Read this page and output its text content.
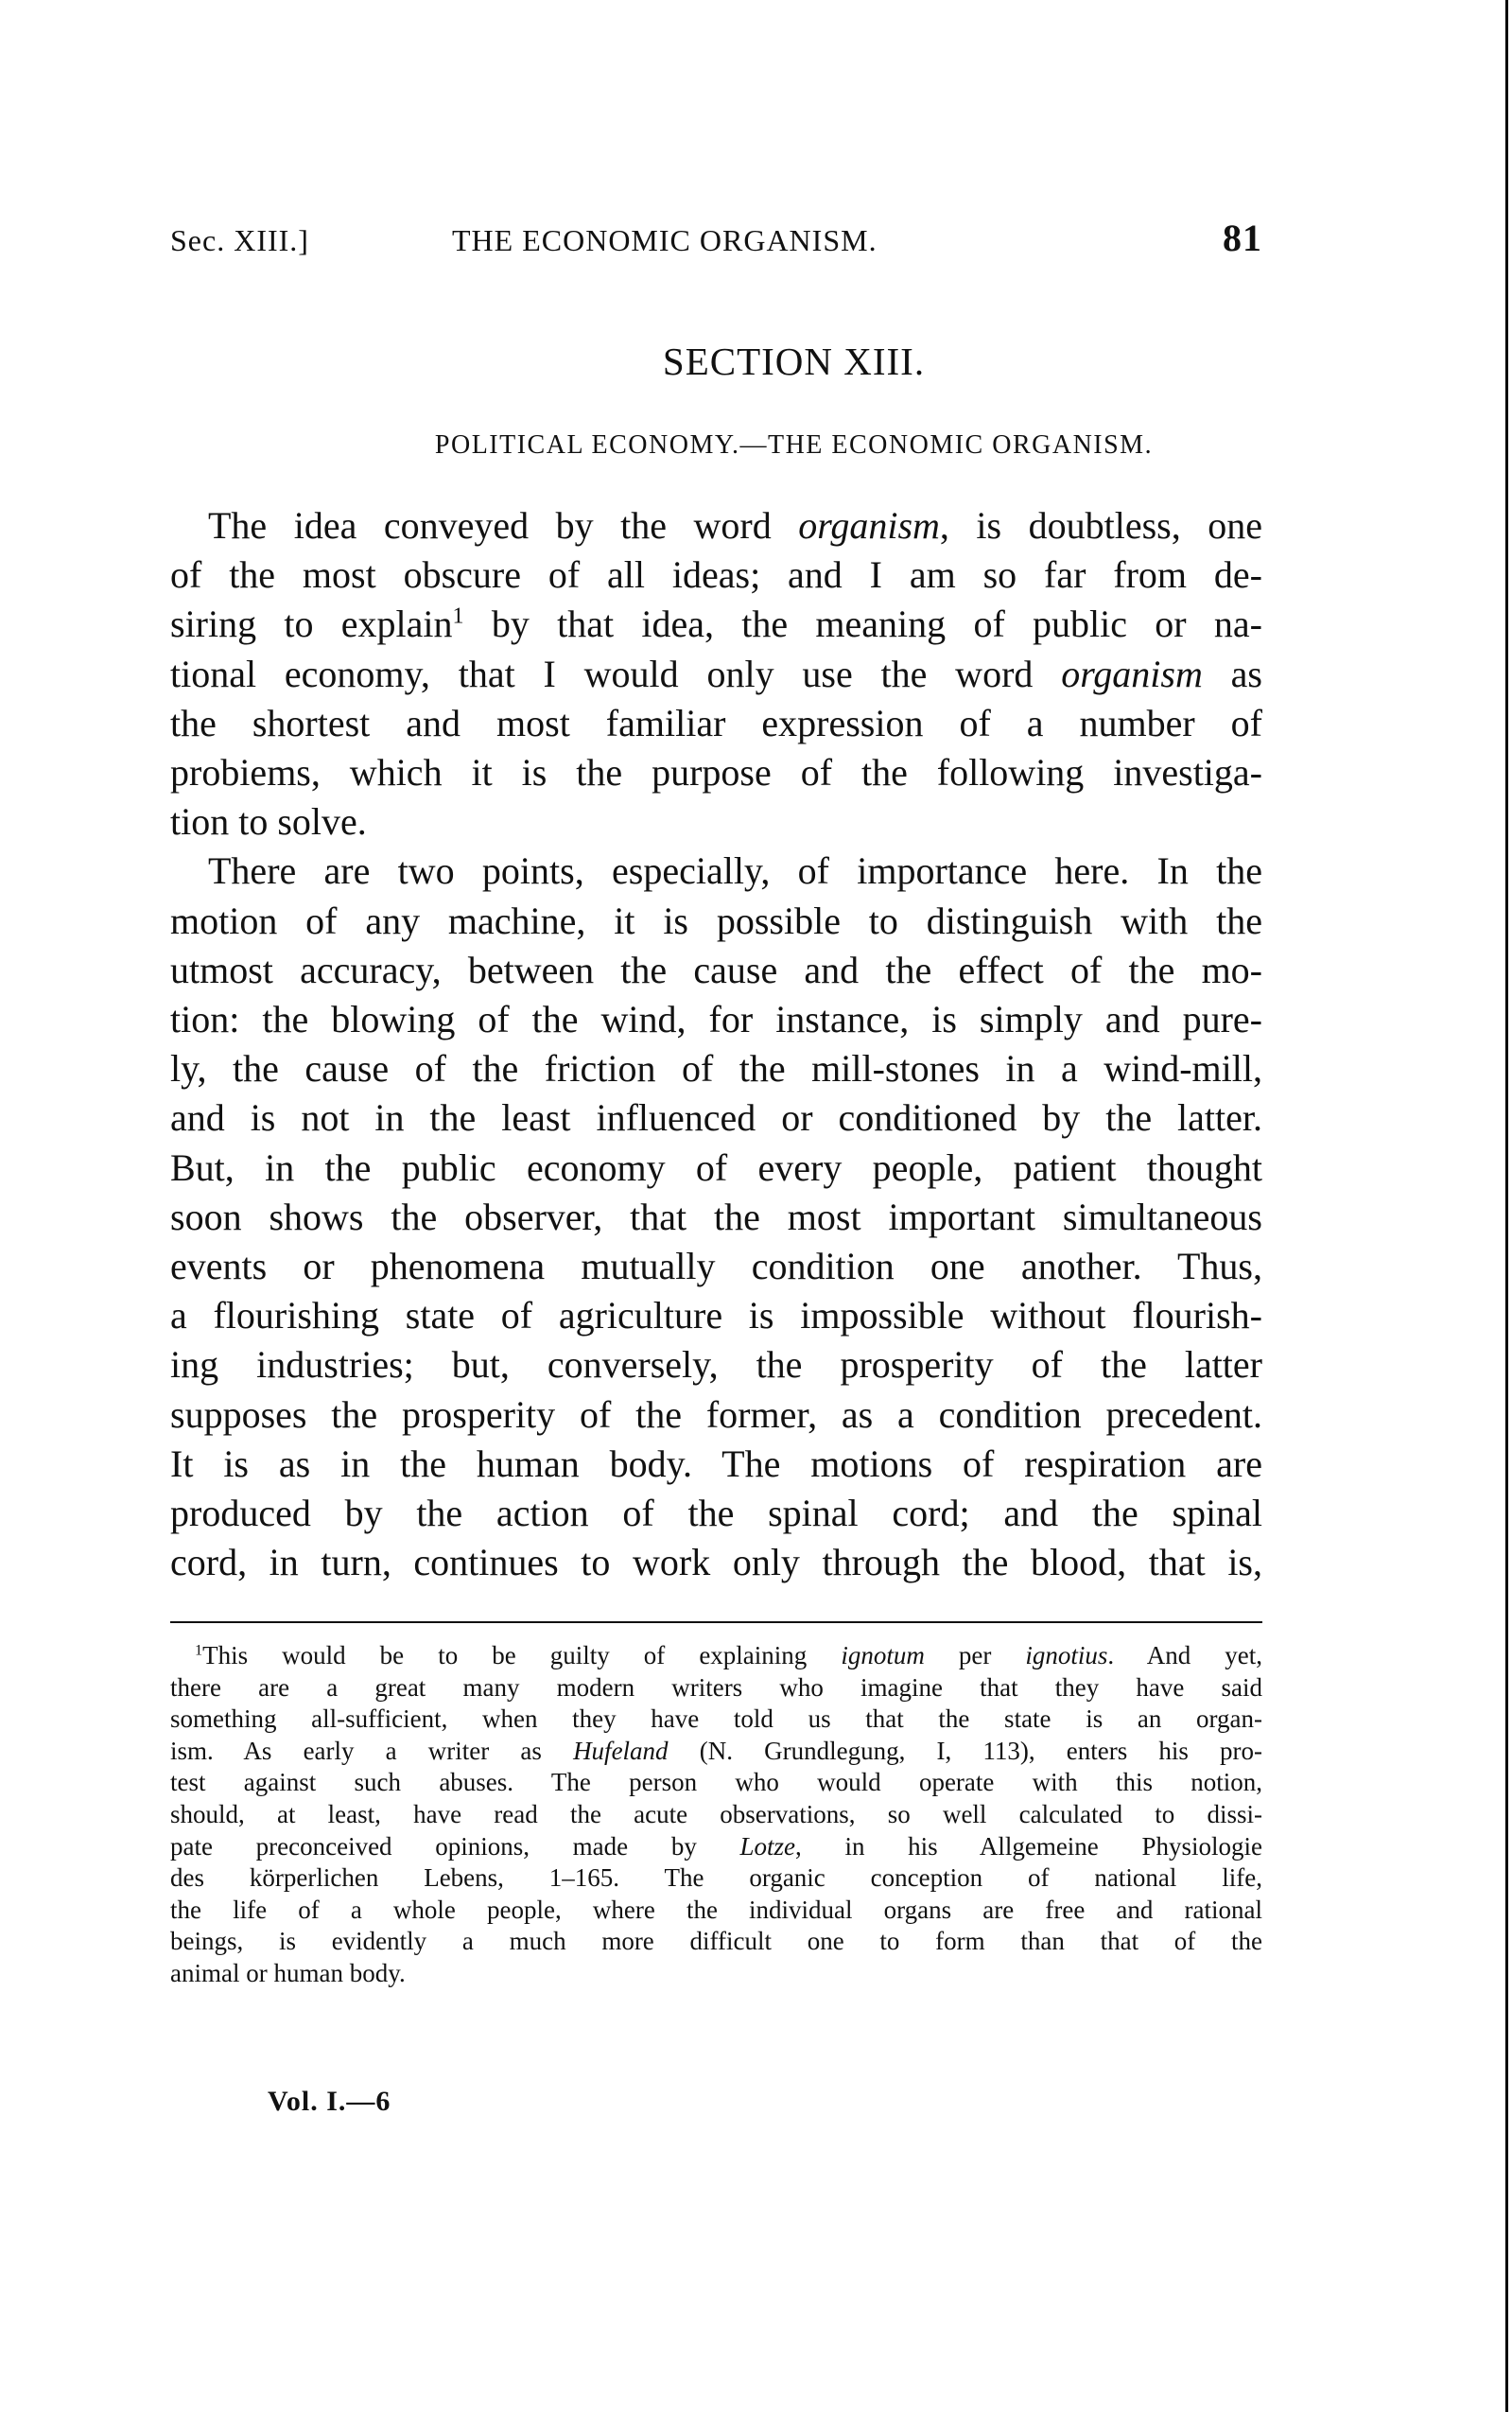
Sec. XIII.]	THE ECONOMIC ORGANISM.	81
SECTION XIII.
POLITICAL ECONOMY.—THE ECONOMIC ORGANISM.
The idea conveyed by the word organism, is doubtless, one
of the most obscure of all ideas; and I am so far from de-
siring to explain$^1$ by that idea, the meaning of public or na-
tional economy, that I would only use the word organism as
the shortest and most familiar expression of a number of
probiems, which it is the purpose of the following investiga-
tion to solve.
There are two points, especially, of importance here. In the
motion of any machine, it is possible to distinguish with the
utmost accuracy, between the cause and the effect of the mo-
tion: the blowing of the wind, for instance, is simply and pure-
ly, the cause of the friction of the mill-stones in a wind-mill,
and is not in the least influenced or conditioned by the latter.
But, in the public economy of every people, patient thought
soon shows the observer, that the most important simultaneous
events or phenomena mutually condition one another. Thus,
a flourishing state of agriculture is impossible without flourish-
ing industries; but, conversely, the prosperity of the latter
supposes the prosperity of the former, as a condition precedent.
It is as in the human body. The motions of respiration are
produced by the action of the spinal cord; and the spinal
cord, in turn, continues to work only through the blood, that is,
$^1$This would be to be guilty of explaining ignotum per ignotius. And yet,
there are a great many modern writers who imagine that they have said
something all-sufficient, when they have told us that the state is an organ-
ism. As early a writer as Hufeland (N. Grundlegung, I, 113), enters his pro-
test against such abuses. The person who would operate with this notion,
should, at least, have read the acute observations, so well calculated to dissi-
pate preconceived opinions, made by Lotze, in his Allgemeine Physiologie
des körperlichen Lebens, 1–165. The organic conception of national life,
the life of a whole people, where the individual organs are free and rational
beings, is evidently a much more difficult one to form than that of the
animal or human body.
Vol. I.—6
